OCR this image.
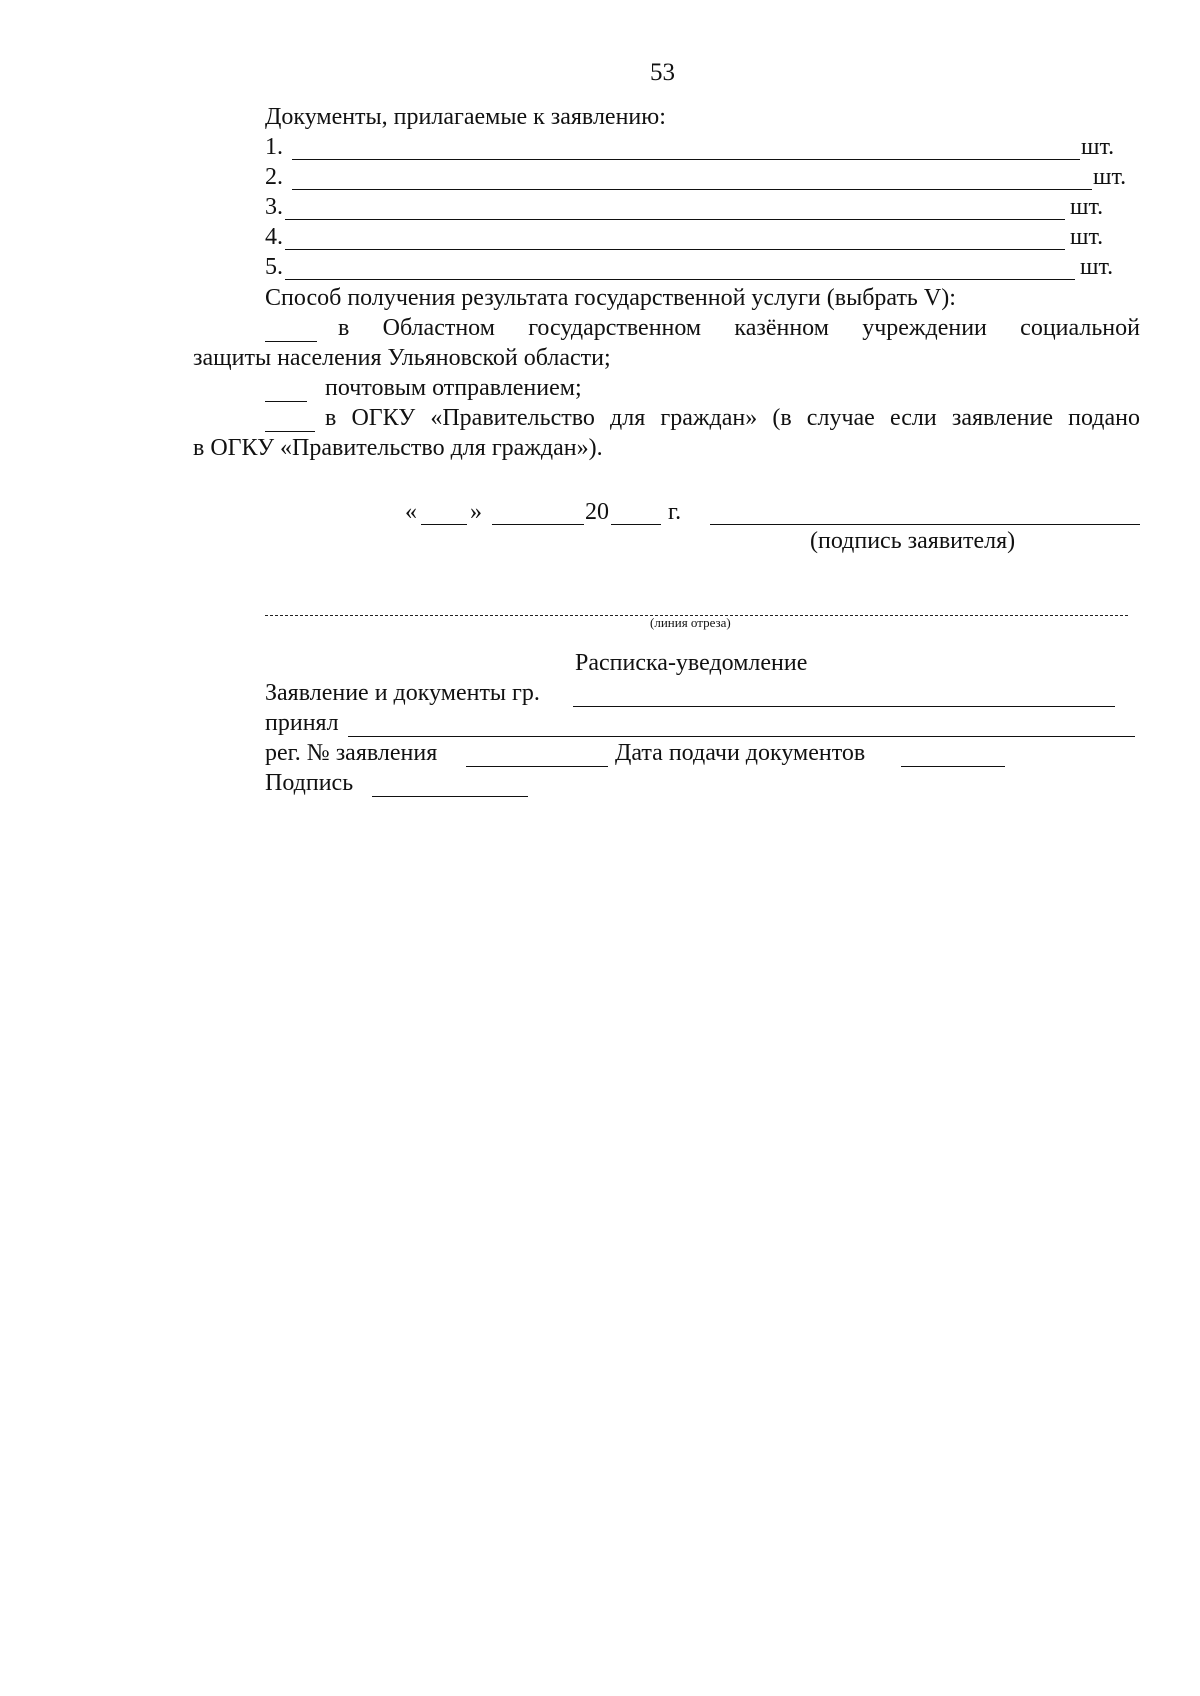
53
Документы, прилагаемые к заявлению:
1.	шт.
2.	шт.
3.	шт.
4.	шт.
5.	шт.
Способ получения результата государственной услуги (выбрать V):
в Областном государственном казённом учреждении социальной
защиты населения Ульяновской области;
почтовым отправлением;
в ОГКУ «Правительство для граждан» (в случае если заявление подано
в ОГКУ «Правительство для граждан»).
« »	20 г.
(подпись заявителя)
(линия отреза)
Расписка-уведомление
Заявление и документы гр.
принял
рег. № заявления	Дата подачи документов
Подпись
